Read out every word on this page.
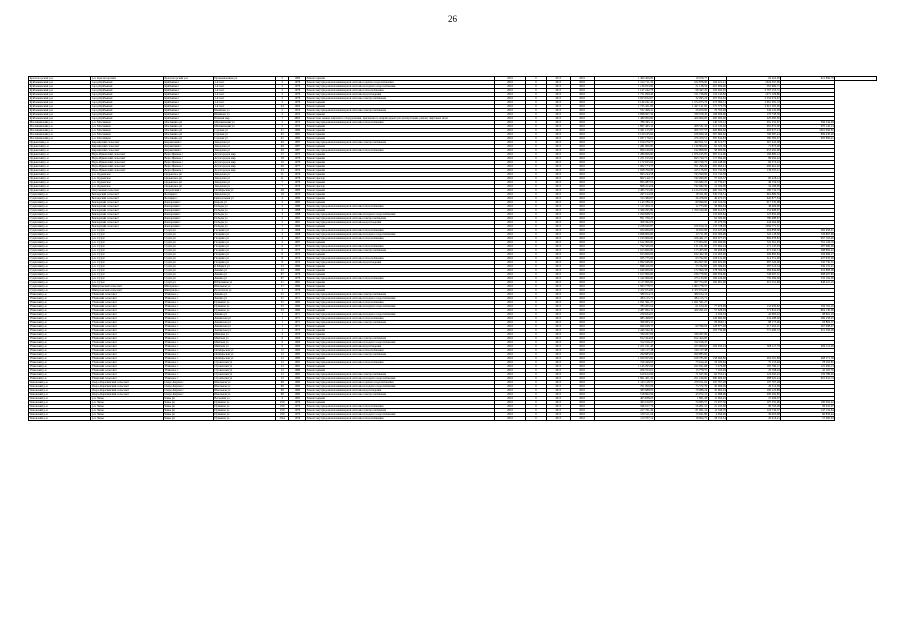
26
Красногорский р-н	р.п. Красногорский	Красногорский р-н	Промышленная ул	5	1989	Ремонт крыши	2016	0	2015	2016	1 460 400,00	19 978,77		64 262,00	621 899,76	
Куйбышевский р-н	город Куйбышев	Куйбышев г	1-й п-кт	2	1976	Ремонт внутридомовой инженерной системы горячего водоснабжения	2016	0	2015	2016	1 212 711,34	102 878,60	104 221,21	1024 597,00		
Куйбышевский р-н	город Куйбышев	Куйбышев г	1-й п-кт	2	1976	Ремонт внутридомовой инженерной системы холодного водоснабжения	2016	0	2015	2016	1 136 053,06	21 138,54	201 999,40	581 969,71		
Куйбышевский р-н	город Куйбышев	Куйбышев г	1-й п-кт	2	1976	Ремонт внутридомовой инженерной системы теплоснабжения	2016	0	2015	2016	1 127 242,78	98 447,25	193 492,05	2 707 153,71		
Куйбышевский р-н	город Куйбышев	Куйбышев г	1-й п-кт	2	1976	Ремонт внутридомовой инженерной системы водоотведения	2016	0	2015	2016	1 751 099,46	511 728,69	119 143,82	1071 109,86		
Куйбышевский р-н	город Куйбышев	Куйбышев г	1-й п-кт	2	1976	Ремонт внутридомовой инженерной системы электроснабжения	2016	0	2015	2016	2 653 652,67	32 095,23	297 052,02	2 352 974,67		
Куйбышевский р-н	город Куйбышев	Куйбышев г	1-й п-кт	2	1976	Ремонт крыши	2016	0	2015	2016	2 149 241,46	1 574 973,76	273 384,51	2 661 381,19		
Куйбышевский р-н	город Куйбышев	Куйбышев г	1-й п-кт	24	1962	Ремонт крыши	2016	0	2015	2016	1 723 431,69	1 447 141,02	175 573,79	3 615 505,99		
Куйбышевский р-н	город Куйбышев	Куйбышев г	Шимкова ул	2	1974	Ремонт внутридомовой инженерной системы электроснабжения	2016	0	2015	2016	552 498,41	26 650,00	76 762,48	344 122,00		
Куйбышевский р-н	город Куйбышев	Куйбышев г	Шимкова ул	2	1974	Ремонт крыши	2016	0	2015	2016	2 868 907,34	339 558,45	108 996,00	176 758,56		
Куйбышевский р-н	город Куйбышев	Куйбышев г	Южный мкр	7	4802	Ремонт или замена лифтового оборудования, признанного непригодным для эксплуатации, ремонт лифтовых шахт	2016	0	2015	2016	1 480 000,00	420 000,00	200 000,00	220 000,00		
Маслянинский р-н	р.п. Маслянино	Маслянино рп	Механизации ул	5	1972	Ремонт внутридомовой инженерной системы теплоснабжения	2016	0	2015	2016	786 363,11		140 722,12	291 352,67	566 344,99	
Маслянинский р-н	р.п. Маслянино	Маслянино рп	Механизации ул	5	1972	Ремонт крыши	2016	0	2015	2016	1 897 465,16	208 531,10	213 533,02	665 872,00	970 145,14	
Маслянинский р-н	р.п. Маслянино	Маслянино рп	Садовая ул	21	1984	Ремонт крыши	2016	0	2015	2016	2 361 155,87	206 377,57	406 860,40	403 617,13	1091 096,82	
Маслянинский р-н	р.п. Маслянино	Маслянино рп	Садовая ул	45	1981	Ремонт крыши	2016	0	2015	2016	2 120 165,84	166 699,18	367 660,62	796 087,44	899 430,20	
Маслянинский р-н	р.п. Маслянино	Маслянино рп	Садовая ул	41	1982	Ремонт крыши	2016	0	2015	2016	1 937 179,61	270 470,51	397 632,83	580 383,67	695 890,41	
Ордынский р-н	Кирзинский сельсовет	Кирзинский с	Заводская ул	49	1987	Ремонт внутридомовой инженерной системы электроснабжения	2016	0	2015	2016	1 019 279,75	460 811,51	40 513,77	367 410,28		
Ордынский р-н	Кирзинский сельсовет	Кирзинский с	Заводская ул	49	1987	Ремонт крыши	2016	0	2015	2016	1 281 000,00	1 146 804,64	62 322,36	71 873,00		
Ордынский р-н	Кирзинский сельсовет	Кирзинский с	Заводская ул	49	1987	Ремонт внутридомовой инженерной системы теплоснабжения	2016	0	2015	2016	906 160,00	194 898,00	58 000,00	653 262,00		
Ордынский р-н	Верх-Ирменский сельсовет	Верх-Ирмень с	Агрогородок мкр	17	1975	Ремонт крыши	2016	0	2015	2016	1 280 000,00	1 076 165,87	387 212,00	196 800,12		
Ордынский р-н	Верх-Ирменский сельсовет	Верх-Ирмень с	Агрогородок мкр	18	1976	Ремонт крыши	2016	0	2015	2016	1 251 015,04	943 729,75	117 094,00	89 992,22		
Ордынский р-н	Верх-Ирменский сельсовет	Верх-Ирмень с	Агрогородок мкр	19	1976	Ремонт крыши	2016	0	2015	2016	1 172 635,62	943 729,75	102 448,00	84 372,22		
Ордынский р-н	Верх-Ирменский сельсовет	Верх-Ирмень с	Агрогородок мкр	20	1977	Ремонт крыши	2016	0	2015	2016	1 902 773,37	761 296,26	281 093,41	490 661,65		
Ордынский р-н	Верх-Ирменский сельсовет	Верх-Ирмень с	Агрогородок мкр	24	1974	Ремонт крыши	2016	0	2015	2016	1 028 709,06	415 176,65	501 745,00	136 357,11		
Ордынский р-н	р.п. Ордынское	Ордынское рп	Заводская ул	11	1976	Ремонт крыши	2016	0	2015	2016	895 244,58	743 590,00	151 734,58			
Ордынский р-н	р.п. Ордынское	Ордынское рп	Заводская ул	11	1976	Ремонт фасада	2016	0	2015	2016	802 149,17	742 069,00	57 103,57	60 418,12		
Ордынский р-н	р.п. Ордынское	Ордынское рп	Заводская ул	7	1976	Ремонт крыши	2016	0	2015	2016	893 287,02	743 682,25	15 739,27	49 150,53		
Ордынский р-н	р.п. Ордынское	Ордынское рп	Заводская ул	7	1976	Ремонт фасада	2016	0	2015	2016	808 414,06	742 062,50	12 160,00	54 180,00		
Ордынский р-н	Петровский сельсовет	Петровский с	Октябрьская ул	48	1985	Ремонт крыши	2016	0	2015	2016	2 485 725,00	2 124 015,00	400 162,78	180 716,73		
Сузунский р-н	Белоярский сельсовет	Белоярка с	Заводская ул	19	1970	Ремонт крыши	2016	0	2015	2016	267 122,06	18 351,00	530 156,51	662 869,56		
Сузунский р-н	Белоярский сельсовет	Белоярка с	Центральная ул	2	1982	Ремонт крыши	2016	0	2015	2016	313 386,87	26 478,06	49 073,25	620 877,94		
Сузунский р-н	Бакчарский сельсовет	Бакчарский с	Кирова ул	2	1985	Ремонт крыши	2016	0	2015	2016	1 143 780,16	80 699,00	145 316,39	917 335,68		
Сузунский р-н	Бакчарский сельсовет	Бакчарский с	Победы ул	2	1986	Ремонт внутридомовой инженерной системы теплоснабжения	2016	0	2015	2016	1 117 209,15	12 773,00	58 682,64	38 400,00		
Сузунский р-н	Бакчарский сельсовет	Бакчарский с	Победы ул	3	1988	Ремонт крыши	2016	0	2015	2016	2 369 295,89	1 706 520,96	308 614,87	152 698,07		
Сузунский р-н	Бакчарский сельсовет	Бакчарский с	Победы ул	3	1988	Ремонт внутридомовой инженерной системы холодного водоснабжения	2016	0	2015	2016	1 020 838,72		133 493,64	123 893,48		
Сузунский р-н	Бакчарский сельсовет	Бакчарский с	Победы ул	5	1981	Ремонт внутридомовой инженерной системы электроснабжения	2016	0	2015	2016	851 700,47		62 300,00	780 688,87		
Сузунский р-н	Бакчарский сельсовет	Бакчарский с	Победы ул	5	1981	Ремонт внутридомовой инженерной системы водоотведения	2016	0	2015	2016	309 362,09		35 279,59	244 264,60		
Сузунский р-н	Бакчарский сельсовет	Бакчарский с	Победы ул	7	1984	Ремонт крыши	2016	0	2015	2016	2 258 049,87	109 914,14	133 728,29	1084 771,51		
Сузунский р-н	р.п. Сузун	Сузун рп	Гагарина ул	2	1968	Ремонт внутридомовой инженерной системы теплоснабжения	2016	0	2015	2016	930 000,00	16 652,00	153 223,00	204 858,00	582 658,41	
Сузунский р-н	р.п. Сузун	Сузун рп	Гагарина ул	2	1968	Ремонт внутридомовой инженерной системы холодного водоснабжения	2016	0	2015	2016	2 008 000,00	12 711,00	252 300,00	522 118,00	726 867,00	
Сузунский р-н	р.п. Сузун	Сузун рп	Гагарина ул	4	1967	Ремонт внутридомовой инженерной системы теплоснабжения	2016	0	2015	2016	1 163 000,00	226 461,27	363 677,25	869 678,82	967 193,49	
Сузунский р-н	р.п. Сузун	Сузун рп	Гагарина ул	4	1967	Ремонт крыши	2016	0	2015	2016	1 612 000,00	175 854,00	195 499,00	722 561,93	761 126,70	
Сузунский р-н	р.п. Сузун	Сузун рп	Гагарина ул	6	1973	Ремонт внутридомовой инженерной системы теплоснабжения	2016	0	2015	2016	792 569,00	131 161,00	175 992,24	271 147,63	287 969,09	
Сузунский р-н	р.п. Сузун	Сузун рп	Гагарина ул	6	1973	Ремонт внутридомовой инженерной системы электроснабжения	2016	0	2015	2016	1 013 690,00	173 405,00	83 468,00	471 342,13	588 892,42	
Сузунский р-н	р.п. Сузун	Сузун рп	Гагарина ул	8	1974	Ремонт крыши	2016	0	2015	2016	813 000,00	162 462,36	131 263,20	206 882,84	326 696,17	
Сузунский р-н	р.п. Сузун	Сузун рп	Гагарина ул	8	1974	Ремонт внутридомовой инженерной системы теплоснабжения	2016	0	2015	2016	925 775,00	63 792,00	109 611,00	314 551,00	427 935,00	
Сузунский р-н	р.п. Сузун	Сузун рп	Гагарина ул	8	1974	Ремонт внутридомовой инженерной системы водоотведения	2016	0	2015	2016	1 692 040,00	204 957,00	202 922,00	687 326,00	545 745,31	
Сузунский р-н	р.п. Сузун	Сузун рп	К.Маркса ул	13	1984	Ремонт крыши	2016	0	2015	2016	868 416,00	23 762,00	105 309,45	287 513,54	436 155,21	
Сузунский р-н	р.п. Сузун	Сузун рп	Ленина ул	42	1985	Ремонт крыши	2016	0	2015	2016	1 049 000,00	172 994,58	178 394,30	382 844,48	452 808,08	
Сузунский р-н	р.п. Сузун	Сузун рп	Ленина ул	67	1976	Ремонт крыши	2016	0	2015	2016	1 617 000,00	230 770,00	269 656,00	749 097,31	608 407,85	
Сузунский р-н	р.п. Сузун	Сузун рп	Ленина ул	67	1976	Ремонт внутридомовой инженерной системы теплоснабжения	2016	0	2015	2016	1 412 000,00	275 133,00	109 226,00	759 284,00	532 192,00	
Сузунский р-н	р.п. Сузун	Сузун рп	Юбилейная ул	21	1981	Ремонт крыши	2016	0	2015	2016	2 117 000,00	267 754,00	182 961,00	911 551,99	848 421,19	
Сузунский р-н	Шипуновский сельсовет	Шипуново с	Школьная ул	17	1984	Ремонт крыши	2016	0	2015	2016	1 963 778,57	1 963 778,57				
Сузунский р-н	Шипуновский сельсовет	Шипуново с	Белоглазов ул	3	1979	Ремонт крыши	2016	0	2015	2016	2 472 974,00	2 472 974,00				
Убинский р-н	Убинский сельсовет	Убинское с	Ленина ул	31	1971	Ремонт внутридомовой инженерной системы электроснабжения	2016	0	2015	2016	380 914,13	380 914,13				
Убинский р-н	Убинский сельсовет	Убинское с	Ленина ул	31	1971	Ремонт внутридомовой инженерной системы холодного водоснабжения	2016	0	2015	2016	284 115,71	284 115,71				
Убинский р-н	Убинский сельсовет	Убинское с	Пушкина ул	55	1984	Ремонт внутридомовой инженерной системы теплоснабжения	2016	0	2015	2016	1 021 561,27	1 021 561,27				
Убинский р-н	Убинский сельсовет	Убинское с	Пушкина ул	55	1984	Ремонт внутридомовой инженерной системы холодного водоснабжения	2016	0	2015	2016	783 205,64	61 614,45	77 670,09	132 956,82	184 762,20	
Убинский р-н	Убинский сельсовет	Убинское с	Пушкина ул	33	1984	Ремонт крыши	2016	0	2015	2016	2 487 962,16	429 291,61	57 628,94	771 812,23	804 130,68	
Убинский р-н	Убинский сельсовет	Убинское с	Ленина ул	1	1971	Ремонт внутридомовой инженерной системы холодного водоснабжения	2016	0	2015	2016	230 624,01		4 104,53	42 985,22	98 661,10	
Убинский р-н	Убинский сельсовет	Убинское с	Ленинская ул	1	1971	Ремонт внутридомовой инженерной системы теплоснабжения	2016	0	2015	2016	685 498,87		120 000,00	234 498,00	286 258,25	
Убинский р-н	Убинский сельсовет	Убинское с	Ленинская ул	1	1971	Ремонт внутридомовой инженерной системы электроснабжения	2016	0	2015	2016	399 963,31		83 099,11	98 173,00	93 802,37	
Убинский р-н	Убинский сельсовет	Убинское с	Ленинская ул	1	1971	Ремонт крыши	2016	0	2015	2016	660 048,37	69 596,03	128 877,48	217 263,01	267 098,47	
Убинский р-н	Убинский сельсовет	Убинское с	Ленинская ул	1	1972	Ремонт крыши	2016	0	2015	2016	2 449 342,30		103 730,00	771 406,72	911 556,08	
Убинский р-н	Убинский сельсовет	Убинское с	Майская ул	2	1970	Ремонт крыши	2016	0	2015	2016	339 267,00	339 267,00				
Убинский р-н	Убинский сельсовет	Убинское с	Майская ул	9	1969	Ремонт внутридомовой инженерной системы электроснабжения	2016	0	2015	2016	812 424,00	812 424,00				
Убинский р-н	Убинский сельсовет	Убинское с	Майская ул	9	1969	Ремонт внутридомовой инженерной системы холодного водоснабжения	2016	0	2015	2016	312 916,47	312 916,47				
Убинский р-н	Убинский сельсовет	Убинское с	Майская ул	9	1969	Ремонт внутридомовой инженерной системы водоотведения	2016	0	2015	2016	1 251 161,46	223 909,63	102 035,24	368 117,79	469 112,48	
Убинский р-н	Убинский сельсовет	Убинское с	Октябрьская ул	12	1985	Ремонт внутридомовой инженерной системы теплоснабжения	2016	0	2015	2016	120 117,48	120 117,48				
Убинский р-н	Убинский сельсовет	Убинское с	Октябрьская ул	12	1985	Ремонт внутридомовой инженерной системы электроснабжения	2016	0	2015	2016	290 883,00	290 883,00				
Убинский р-н	Убинский сельсовет	Убинское с	Октябрьская ул	12	1985	Ремонт крыши	2016	0	2015	2016	1 020 955,66	169 785,60	158 066,80	264 501,88	468 571,38	
Убинский р-н	Убинский сельсовет	Убинское с	Строителей ул	12	1981	Ремонт внутридомовой инженерной системы теплоснабжения	2016	0	2015	2016	319 449,63	73 614,42	33 100,94	75 153,49	78 163,81	
Убинский р-н	Убинский сельсовет	Убинское с	Строителей ул	12	1981	Ремонт крыши	2016	0	2015	2016	1 145 295,94	162 621,68	5 476,00	185 796,17	125 690,13	
Убинский р-н	Убинский сельсовет	Убинское с	Строителей ул	12	1980	Ремонт крыши	2016	0	2015	2016	209 553,01	13 778,75	7 102,94	25 798,19	42 105,56	
Убинский р-н	Убинский сельсовет	Убинское с	Строителей ул	12	1981	Ремонт внутридомовой инженерной системы электроснабжения	2016	0	2015	2016	610 612,90	71 627,90	62 553,21	124 202,22	159 780,92	
Убинский р-н	Убинский сельсовет	Убинское с	Строителей ул	12	1982	Ремонт внутридомовой инженерной системы холодного водоснабжения	2016	0	2015	2016	1 861 401,32	251 166,00	280 909,02	488 022,24	601 941,74	
Чановский р-н	Озеро-Карачинский сельсовет	Озеро-Карачи с	Школьная ул	68	1982	Ремонт внутридомовой инженерной системы горячего водоснабжения	2016	0	2015	2016	1 145 118,75	270 911,64	197 767,28	197 767,28		
Чановский р-н	Озеро-Карачинский сельсовет	Озеро-Карачи с	Школьная ул	68	1982	Ремонт внутридомовой инженерной системы холодного водоснабжения	2016	0	2015	2016	701 000,00	73 572,76	30 000,26	29 512,99		
Чановский р-н	Озеро-Карачинский сельсовет	Озеро-Карачи с	Школьная ул	68	1982	Ремонт внутридомовой инженерной системы водоотведения	2016	0	2015	2016	383 988,85	79 086,24	10 662,24	100 123,89		
Чановский р-н	Озеро-Карачинский сельсовет	Озеро-Карачи с	Школьная ул	68	1982	Ремонт внутридомовой инженерной системы электроснабжения	2016	0	2015	2016	518 962,99	43 072,15	11 088,00	200 264,85		
Чановский р-н	р.п. Чаны	Чаны рп	Весенняя ул	2	1981	Ремонт крыши	2016	0	2015	2016	403 838,03	1 861,28	11 002,24	27 490,97		
Чановский р-н	р.п. Чаны	Чаны рп	Пушкина ул	259	1979	Ремонт крыши	2016	0	2015	2016	493 100,87	70 085,57	75 937,56	107 355,06	100 092,42	
Чановский р-н	р.п. Чаны	Чаны рп	Пушкина ул	259	1979	Ремонт внутридомовой инженерной системы теплоснабжения	2016	0	2015	2016	566 107,70	56 001,15	21 195,00	90 793,28	96 910,07	
Чановский р-н	р.п. Чаны	Чаны рп	Пушкина ул	259	1979	Ремонт внутридомовой инженерной системы электроснабжения	2016	0	2015	2016	417 791,49	81 661,14	11 546,70	124 734,37	147 119,84	
Чановский р-н	р.п. Чаны	Чаны рп	Пушкина ул	259	1979	Ремонт внутридомовой инженерной системы холодного водоснабжения	2016	0	2015	2016	150 511,24	13 641,80	4 050,20	36 003,68	60 856,42	
Чановский р-н	р.п. Чаны	Чаны рп	Пушкина ул	25вa	1959	Ремонт внутридомовой инженерной системы теплоснабжения	2016	0	2015	2016	113 707,12	18 604,75	18 155,54	20 616,21	57 900,63	
